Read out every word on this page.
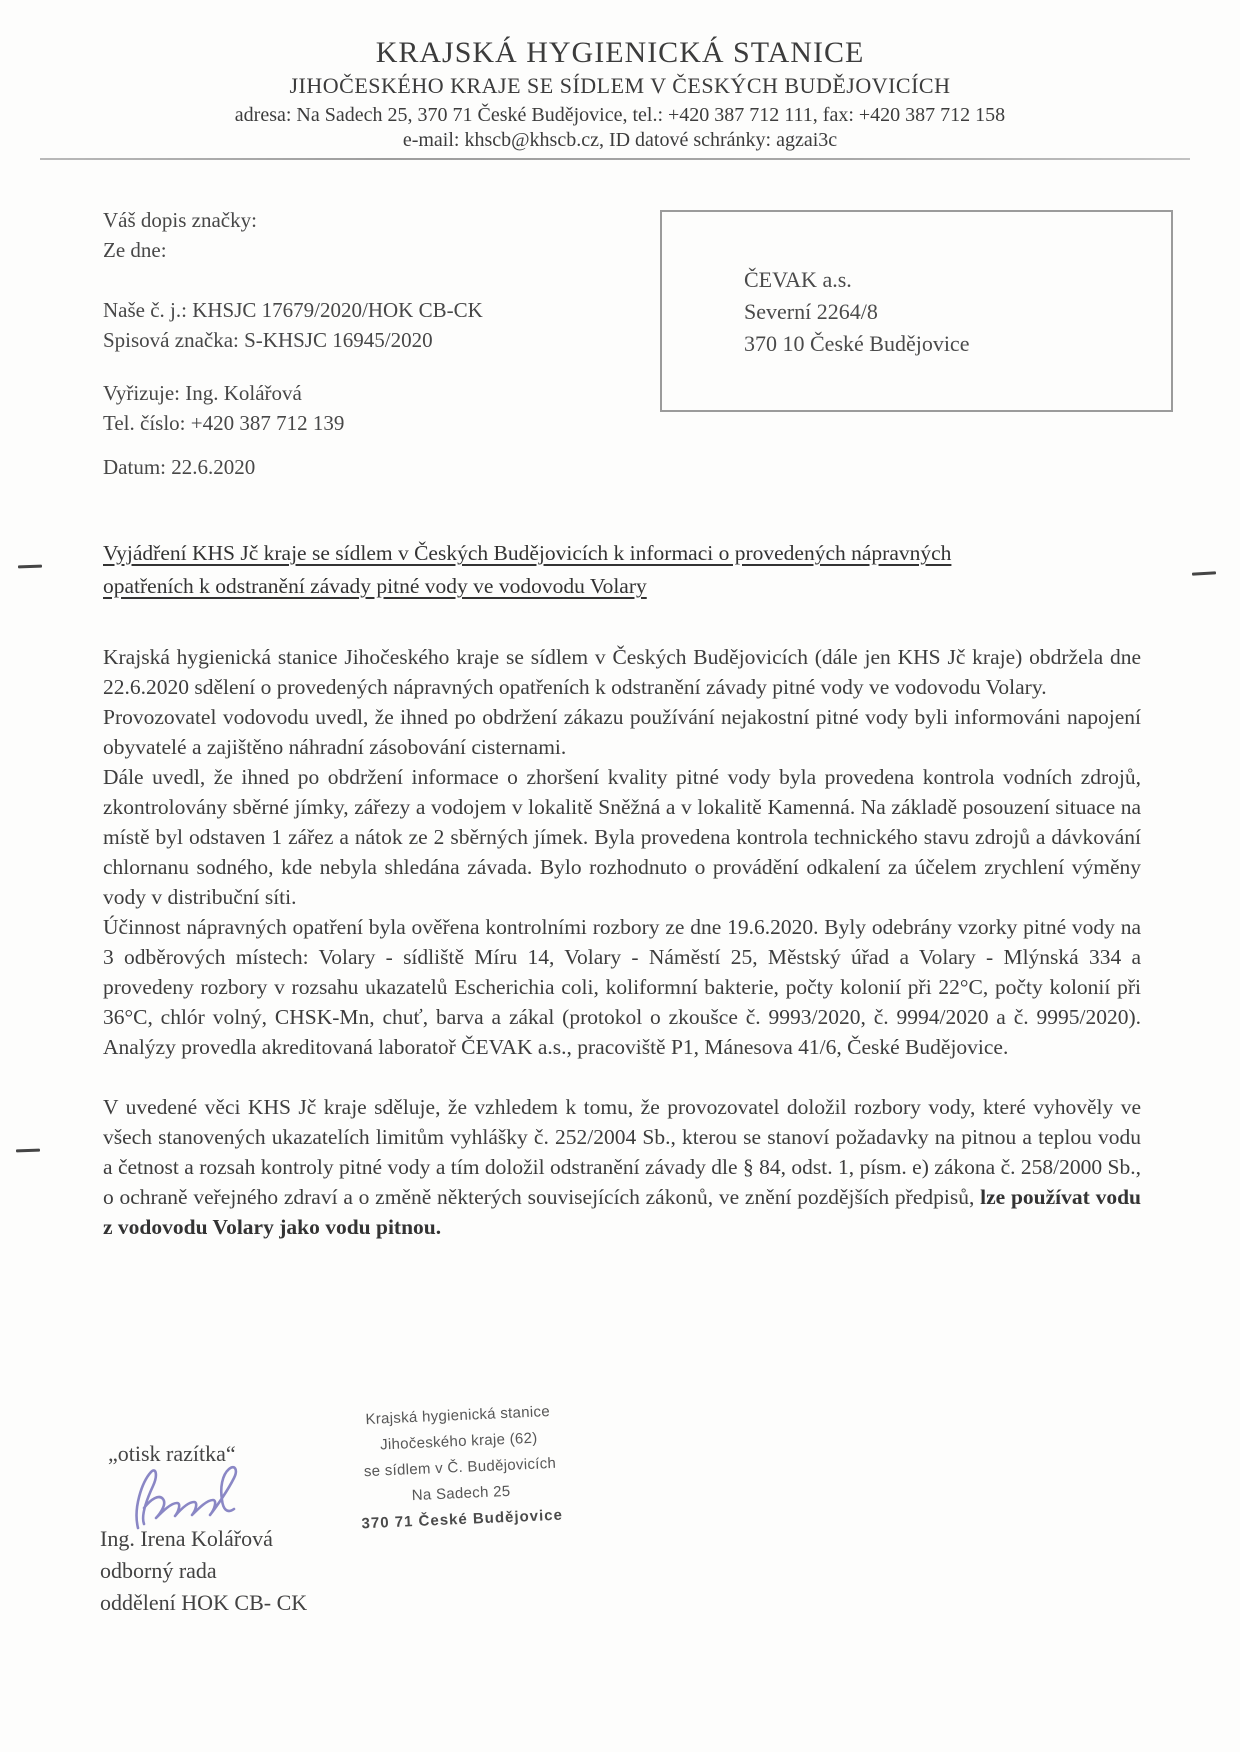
KRAJSKÁ HYGIENICKÁ STANICE
JIHOČESKÉHO KRAJE SE SÍDLEM V ČESKÝCH BUDĚJOVICÍCH
adresa: Na Sadech 25, 370 71 České Budějovice, tel.: +420 387 712 111, fax: +420 387 712 158
e-mail: khscb@khscb.cz, ID datové schránky: agzai3c
Váš dopis značky:
Ze dne:
Naše č. j.: KHSJC 17679/2020/HOK CB-CK
Spisová značka: S-KHSJC 16945/2020
Vyřizuje: Ing. Kolářová
Tel. číslo: +420 387 712 139
Datum: 22.6.2020
ČEVAK a.s.
Severní 2264/8
370 10 České Budějovice
Vyjádření KHS Jč kraje se sídlem v Českých Budějovicích k informaci o provedených nápravných
opatřeních k odstranění závady pitné vody ve vodovodu Volary

Krajská hygienická stanice Jihočeského kraje se sídlem v Českých Budějovicích (dále jen KHS Jč kraje) obdržela dne 22.6.2020 sdělení o provedených nápravných opatřeních k odstranění závady pitné vody ve vodovodu Volary.

Provozovatel vodovodu uvedl, že ihned po obdržení zákazu používání nejakostní pitné vody byli informováni napojení obyvatelé a zajištěno náhradní zásobování cisternami.

Dále uvedl, že ihned po obdržení informace o zhoršení kvality pitné vody byla provedena kontrola vodních zdrojů, zkontrolovány sběrné jímky, zářezy a vodojem v lokalitě Sněžná a v lokalitě Kamenná. Na základě posouzení situace na místě byl odstaven 1 zářez a nátok ze 2 sběrných jímek. Byla provedena kontrola technického stavu zdrojů a dávkování chlornanu sodného, kde nebyla shledána závada. Bylo rozhodnuto o provádění odkalení za účelem zrychlení výměny vody v distribuční síti.

Účinnost nápravných opatření byla ověřena kontrolními rozbory ze dne 19.6.2020. Byly odebrány vzorky pitné vody na 3 odběrových místech: Volary - sídliště Míru 14, Volary - Náměstí 25, Městský úřad a Volary - Mlýnská 334 a provedeny rozbory v rozsahu ukazatelů Escherichia coli, koliformní bakterie, počty kolonií při 22°C, počty kolonií při 36°C, chlór volný, CHSK-Mn, chuť, barva a zákal (protokol o zkoušce č. 9993/2020, č. 9994/2020 a č. 9995/2020). Analýzy provedla akreditovaná laboratoř ČEVAK a.s., pracoviště P1, Mánesova 41/6, České Budějovice.

V uvedené věci KHS Jč kraje sděluje, že vzhledem k tomu, že provozovatel doložil rozbory vody, které vyhověly ve všech stanovených ukazatelích limitům vyhlášky č. 252/2004 Sb., kterou se stanoví požadavky na pitnou a teplou vodu a četnost a rozsah kontroly pitné vody a tím doložil odstranění závady dle § 84, odst. 1, písm. e) zákona č. 258/2000 Sb., o ochraně veřejného zdraví a o změně některých souvisejících zákonů, ve znění pozdějších předpisů, lze používat vodu z vodovodu Volary jako vodu pitnou.

„otisk razítka“
Ing. Irena Kolářová
odborný rada
oddělení HOK CB- CK
Krajská hygienická stanice
Jihočeského kraje (62)
se sídlem v Č. Budějovicích
Na Sadech 25
370 71 České Budějovice
